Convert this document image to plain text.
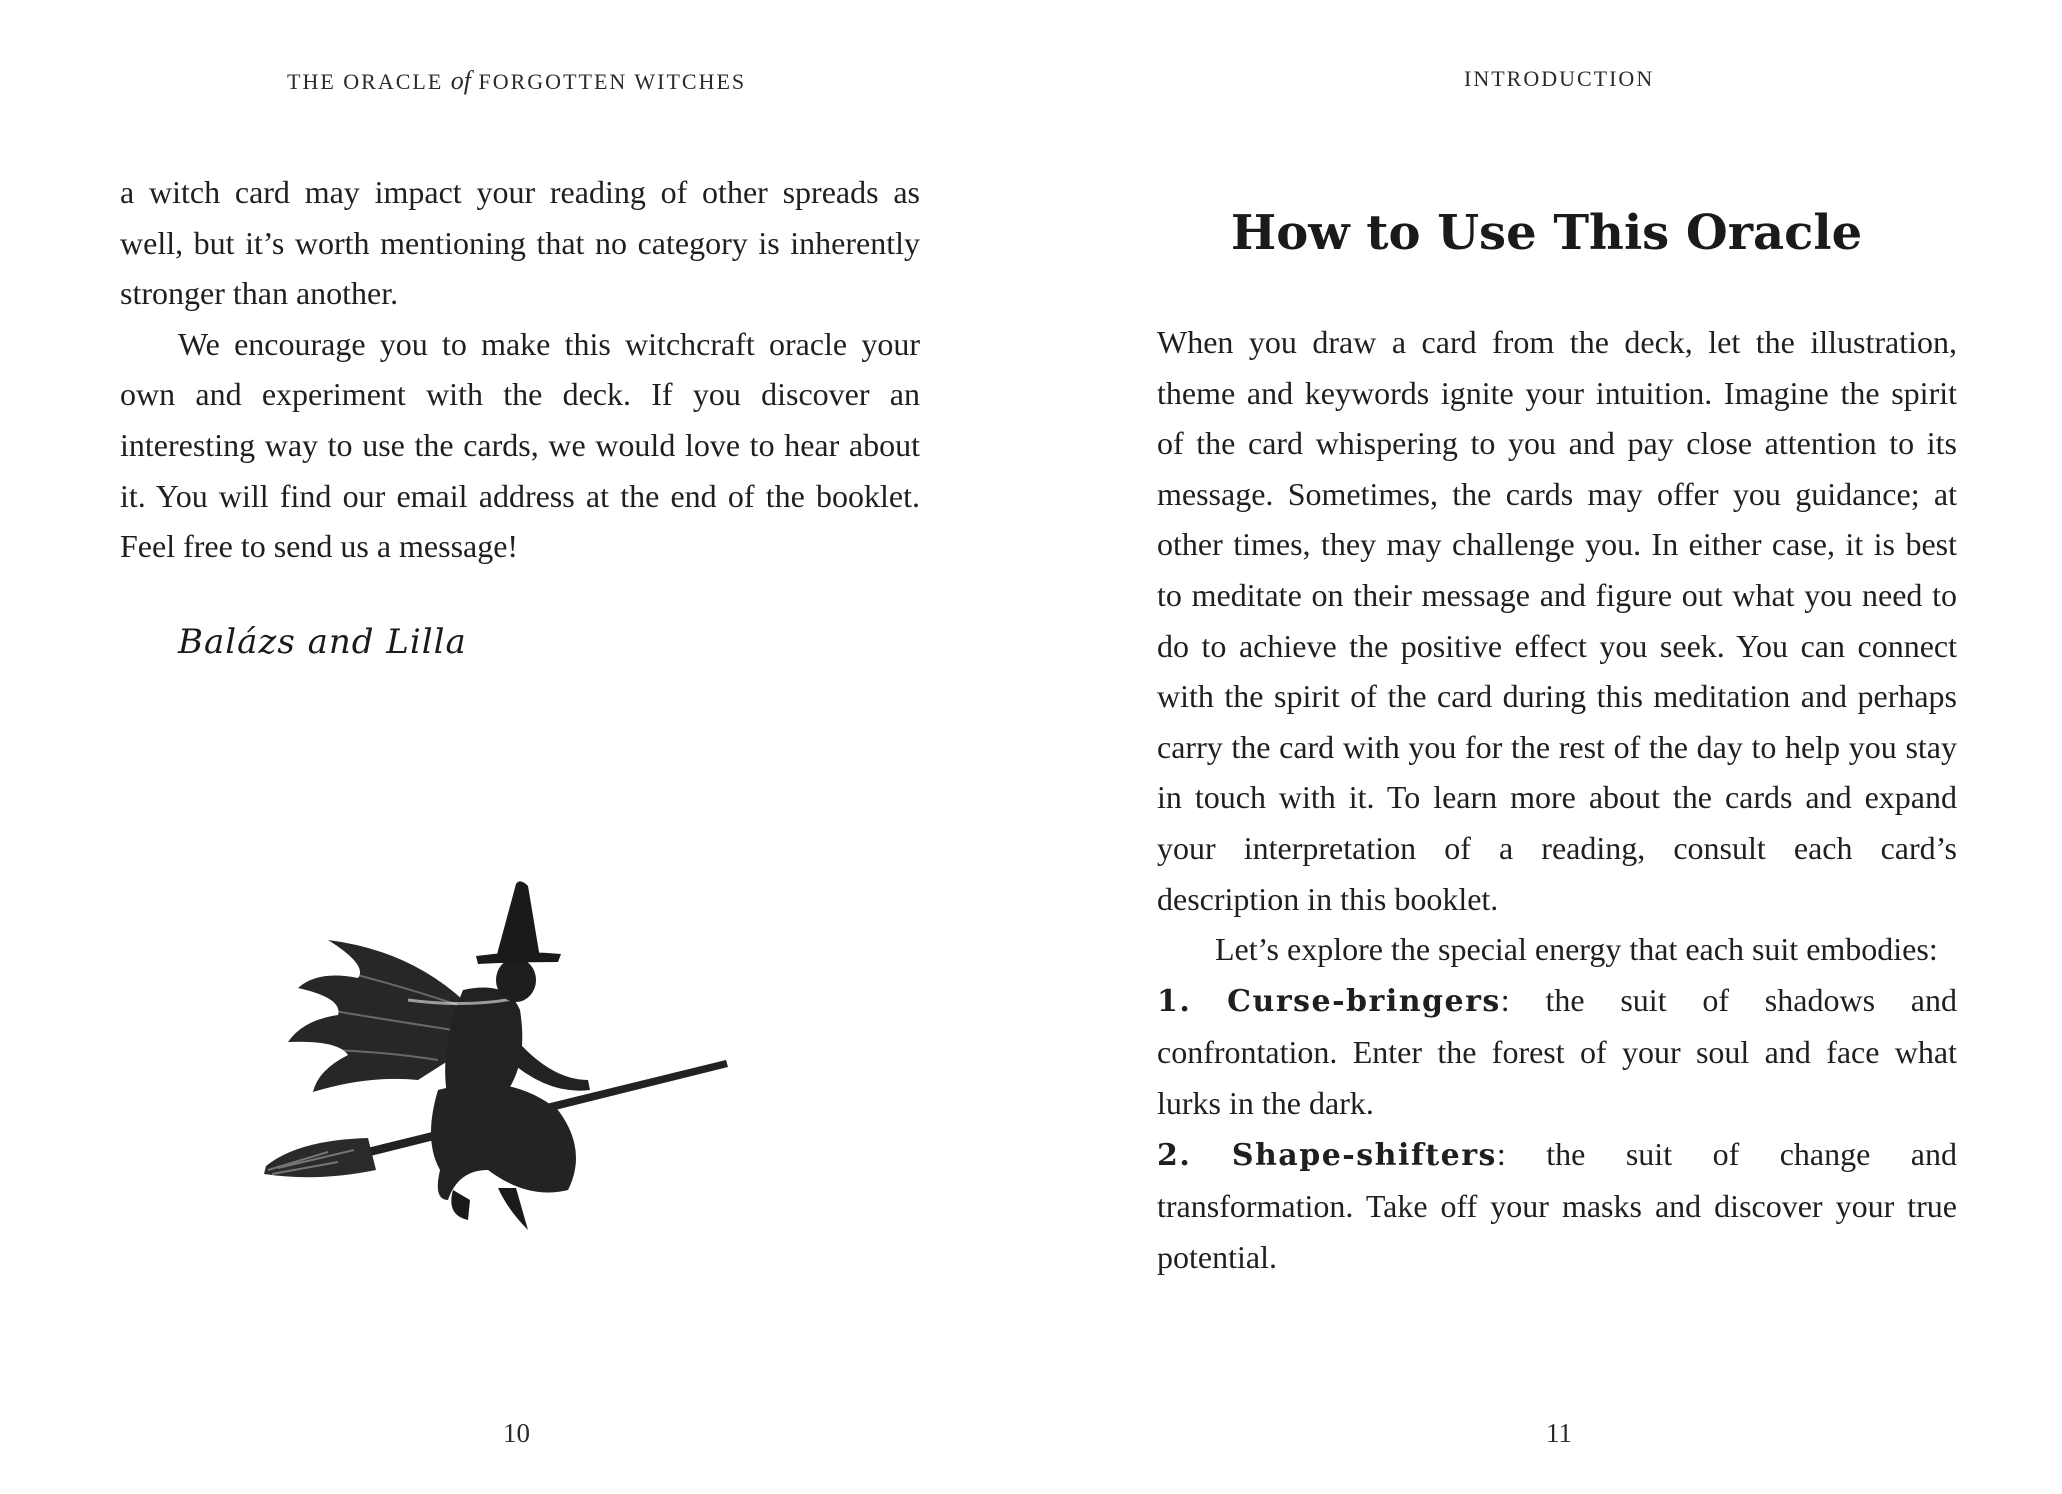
THE ORACLE of FORGOTTEN WITCHES

a witch card may impact your reading of other spreads as well, but it’s worth mentioning that no category is inherently stronger than another.

We encourage you to make this witchcraft oracle your own and experiment with the deck. If you discover an interesting way to use the cards, we would love to hear about it. You will find our email address at the end of the booklet. Feel free to send us a message!

Balázs and Lilla
10
INTRODUCTION
How to Use This Oracle

When you draw a card from the deck, let the illustration, theme and keywords ignite your intuition. Imagine the spirit of the card whispering to you and pay close attention to its message. Sometimes, the cards may offer you guidance; at other times, they may challenge you. In either case, it is best to meditate on their message and figure out what you need to do to achieve the positive effect you seek. You can connect with the spirit of the card during this meditation and perhaps carry the card with you for the rest of the day to help you stay in touch with it. To learn more about the cards and expand your interpretation of a reading, consult each card’s description in this booklet.

Let’s explore the special energy that each suit embodies:

1. Curse-bringers: the suit of shadows and confrontation. Enter the forest of your soul and face what lurks in the dark.

2. Shape-shifters: the suit of change and transformation. Take off your masks and discover your true potential.

11
